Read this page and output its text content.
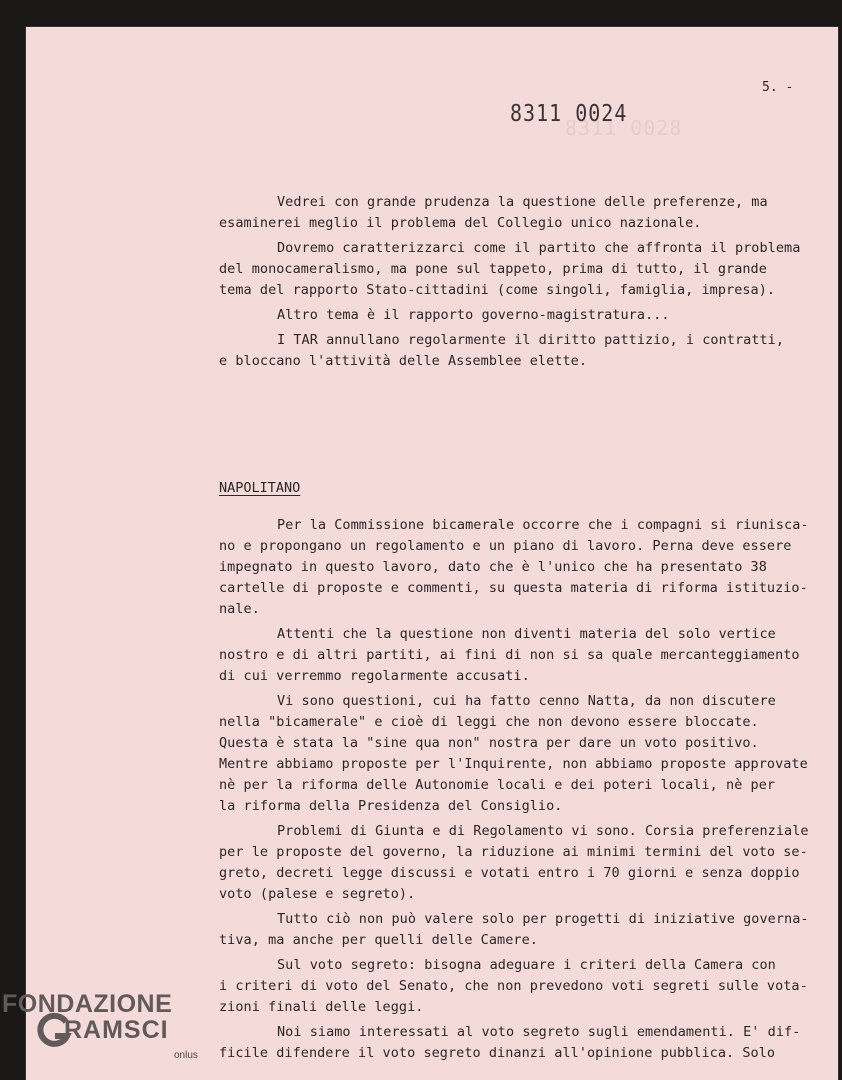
8311 0028
5. -
8311 0024
Vedrei con grande prudenza la questione delle preferenze, ma
esaminerei meglio il problema del Collegio unico nazionale.
Dovremo caratterizzarci come il partito che affronta il problema
del monocameralismo, ma pone sul tappeto, prima di tutto, il grande
tema del rapporto Stato-cittadini (come singoli, famiglia, impresa).
Altro tema è il rapporto governo-magistratura...
I TAR annullano regolarmente il diritto pattizio, i contratti,
e bloccano l'attività delle Assemblee elette.
Per la Commissione bicamerale occorre che i compagni si riunisca-
no e propongano un regolamento e un piano di lavoro. Perna deve essere
impegnato in questo lavoro, dato che è l'unico che ha presentato 38
cartelle di proposte e commenti, su questa materia di riforma istituzio-
nale.
Attenti che la questione non diventi materia del solo vertice
nostro e di altri partiti, ai fini di non si sa quale mercanteggiamento
di cui verremmo regolarmente accusati.
Vi sono questioni, cui ha fatto cenno Natta, da non discutere
nella "bicamerale" e cioè di leggi che non devono essere bloccate.
Questa è stata la "sine qua non" nostra per dare un voto positivo.
Mentre abbiamo proposte per l'Inquirente, non abbiamo proposte approvate
nè per la riforma delle Autonomie locali e dei poteri locali, nè per
la riforma della Presidenza del Consiglio.
Problemi di Giunta e di Regolamento vi sono. Corsia preferenziale
per le proposte del governo, la riduzione ai minimi termini del voto se-
greto, decreti legge discussi e votati entro i 70 giorni e senza doppio
voto (palese e segreto).
Tutto ciò non può valere solo per progetti di iniziative governa-
tiva, ma anche per quelli delle Camere.
Sul voto segreto: bisogna adeguare i criteri della Camera con
i criteri di voto del Senato, che non prevedono voti segreti sulle vota-
zioni finali delle leggi.
Noi siamo interessati al voto segreto sugli emendamenti. E' dif-
ficile difendere il voto segreto dinanzi all'opinione pubblica. Solo
NAPOLITANO
FONDAZIONE
RAMSCI
onlus
